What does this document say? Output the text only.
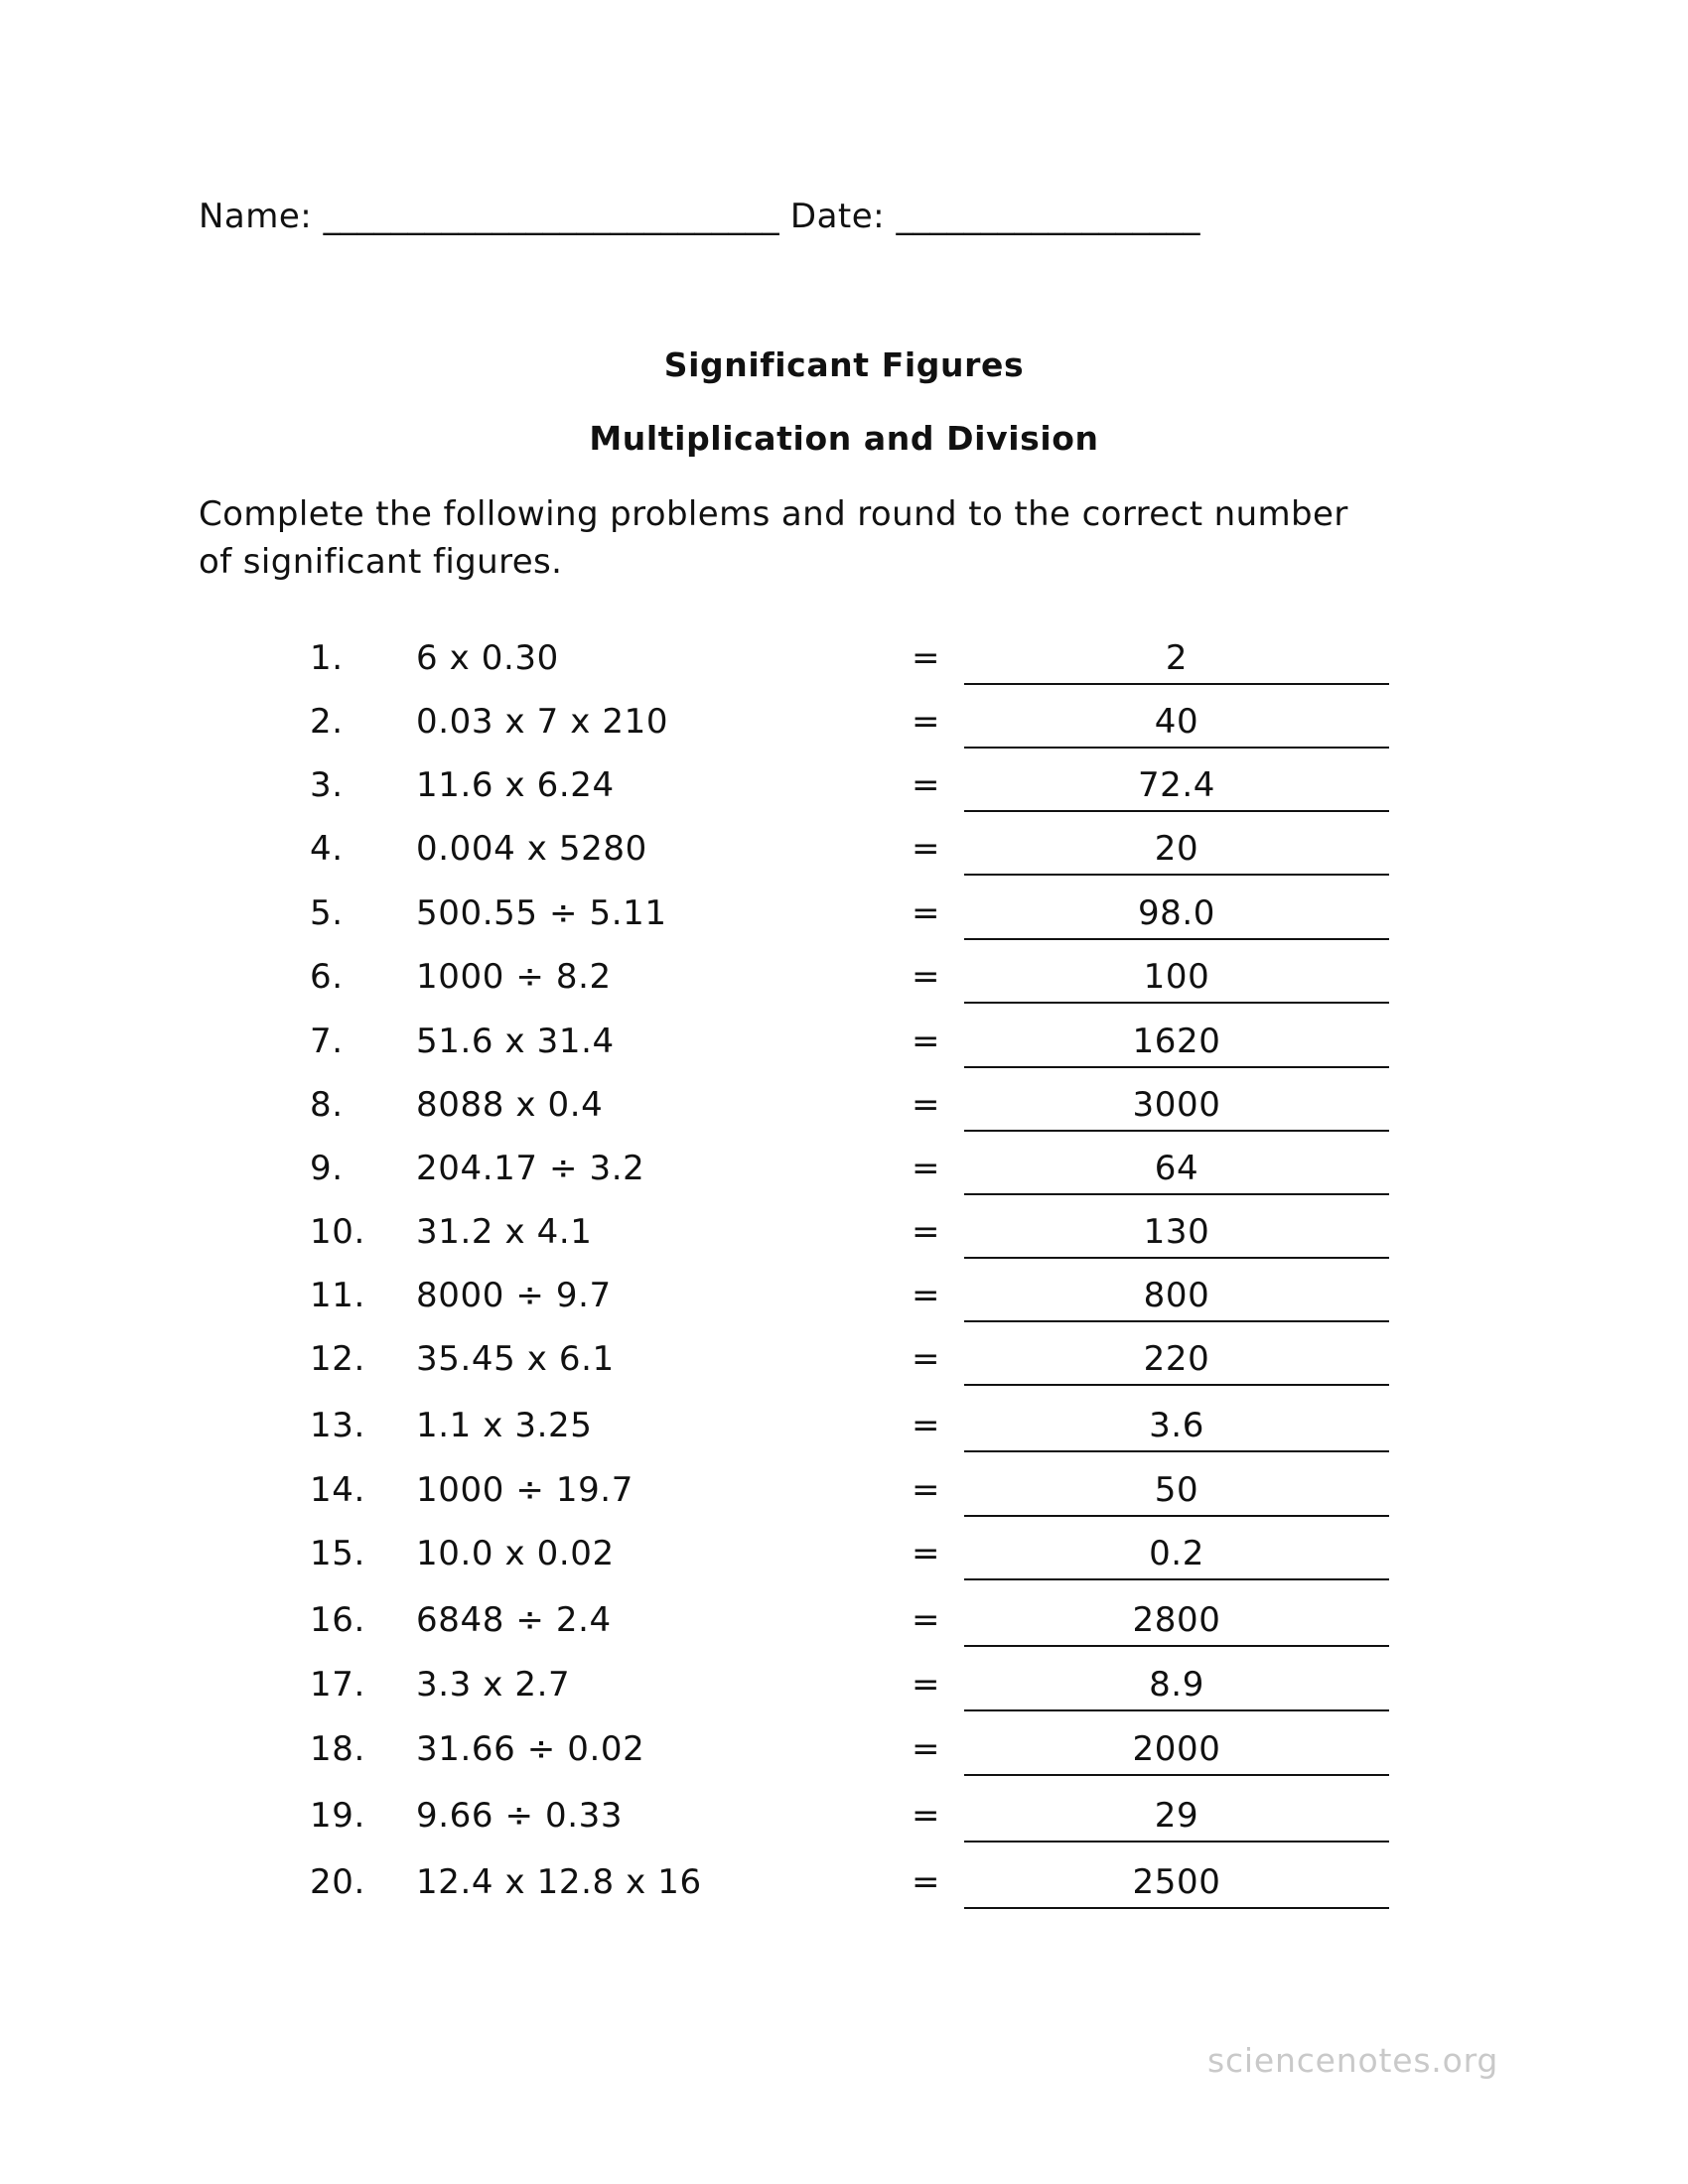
Name: ___________________________ Date: __________________
Significant Figures
Multiplication and Division
Complete the following problems and round to the correct number of significant figures.
1. 6 x 0.30	=	2
2. 0.03 x 7 x 210	=	40
3. 11.6 x 6.24	=	72.4
4. 0.004 x 5280	=	20
5. 500.55 ÷ 5.11	=	98.0
6. 1000 ÷ 8.2	=	100
7. 51.6 x 31.4	=	1620
8. 8088 x 0.4	=	3000
9. 204.17 ÷ 3.2	=	64
10. 31.2 x 4.1	=	130
11. 8000 ÷ 9.7	=	800
12. 35.45 x 6.1	=	220
13. 1.1 x 3.25	=	3.6
14. 1000 ÷ 19.7	=	50
15. 10.0 x 0.02	=	0.2
16. 6848 ÷ 2.4	=	2800
17. 3.3 x 2.7	=	8.9
18. 31.66 ÷ 0.02	=	2000
19. 9.66 ÷ 0.33	=	29
20. 12.4 x 12.8 x 16	=	2500
sciencenotes.org
